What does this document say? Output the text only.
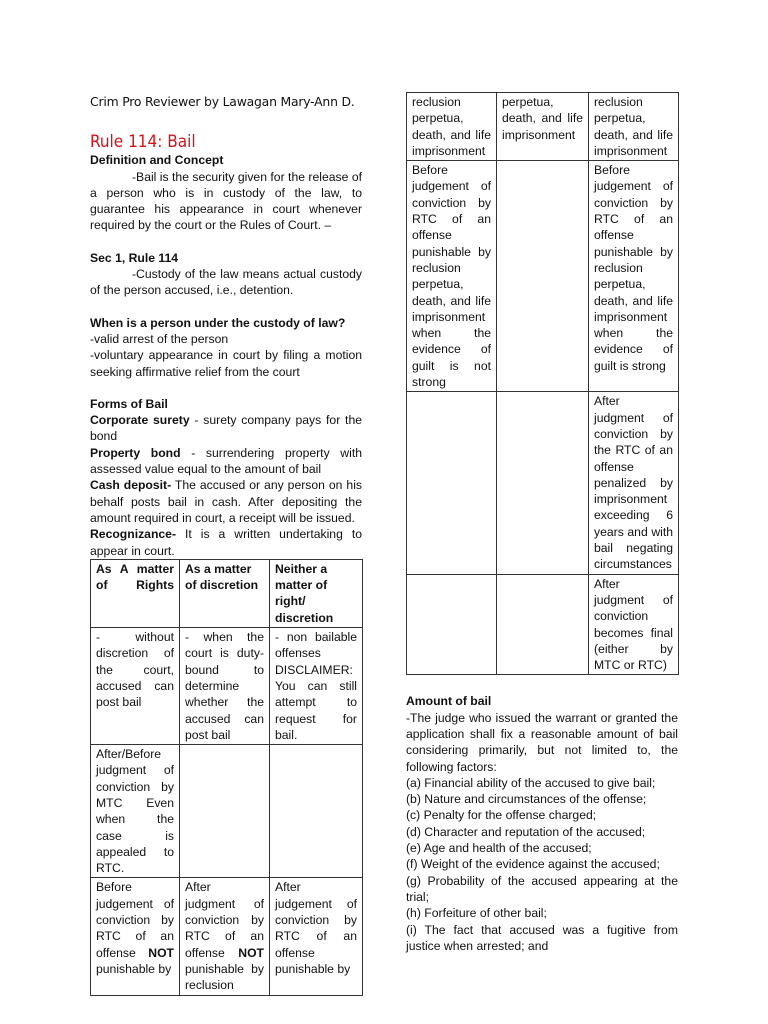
Crim Pro Reviewer by Lawagan Mary-Ann D.
Rule 114: Bail
Definition and Concept

-Bail is the security given for the release of a person who is in custody of the law, to guarantee his appearance in court whenever required by the court or the Rules of Court. –

Sec 1, Rule 114

-Custody of the law means actual custody of the person accused, i.e., detention.

When is a person under the custody of law?

-valid arrest of the person

-voluntary appearance in court by filing a motion seeking affirmative relief from the court

Forms of Bail

Corporate surety - surety company pays for the bond

Property bond - surrendering property with assessed value equal to the amount of bail

Cash deposit- The accused or any person on his behalf posts bail in cash. After depositing the amount required in court, a receipt will be issued.

Recognizance- It is a written undertaking to appear in court.

As A matter of Rights	As a matter of discretion	Neither a matter of right/ discretion
- without discretion of the court, accused can post bail	- when the court is duty-bound to determine whether the accused can post bail	- non bailable offenses DISCLAIMER: You can still attempt to request for bail.
After/Before judgment of conviction by MTC Even when the case is appealed to RTC.		
Before judgement of conviction by RTC of an offense NOT punishable by	After judgment of conviction by RTC of an offense NOT punishable by reclusion	After judgement of conviction by RTC of an offense punishable by
reclusion perpetua, death, and life imprisonment	perpetua, death, and life imprisonment	reclusion perpetua, death, and life imprisonment
Before judgement of conviction by RTC of an offense punishable by reclusion perpetua, death, and life imprisonment when the evidence of guilt is not strong		Before judgement of conviction by RTC of an offense punishable by reclusion perpetua, death, and life imprisonment when the evidence of guilt is strong
		After judgment of conviction by the RTC of an offense penalized by imprisonment exceeding 6 years and with bail negating circumstances
		After judgment of conviction becomes final (either by MTC or RTC)
Amount of bail

-The judge who issued the warrant or granted the application shall fix a reasonable amount of bail considering primarily, but not limited to, the following factors:

(a) Financial ability of the accused to give bail;

(b) Nature and circumstances of the offense;

(c) Penalty for the offense charged;

(d) Character and reputation of the accused;

(e) Age and health of the accused;

(f) Weight of the evidence against the accused;

(g) Probability of the accused appearing at the trial;

(h) Forfeiture of other bail;

(i) The fact that accused was a fugitive from justice when arrested; and
